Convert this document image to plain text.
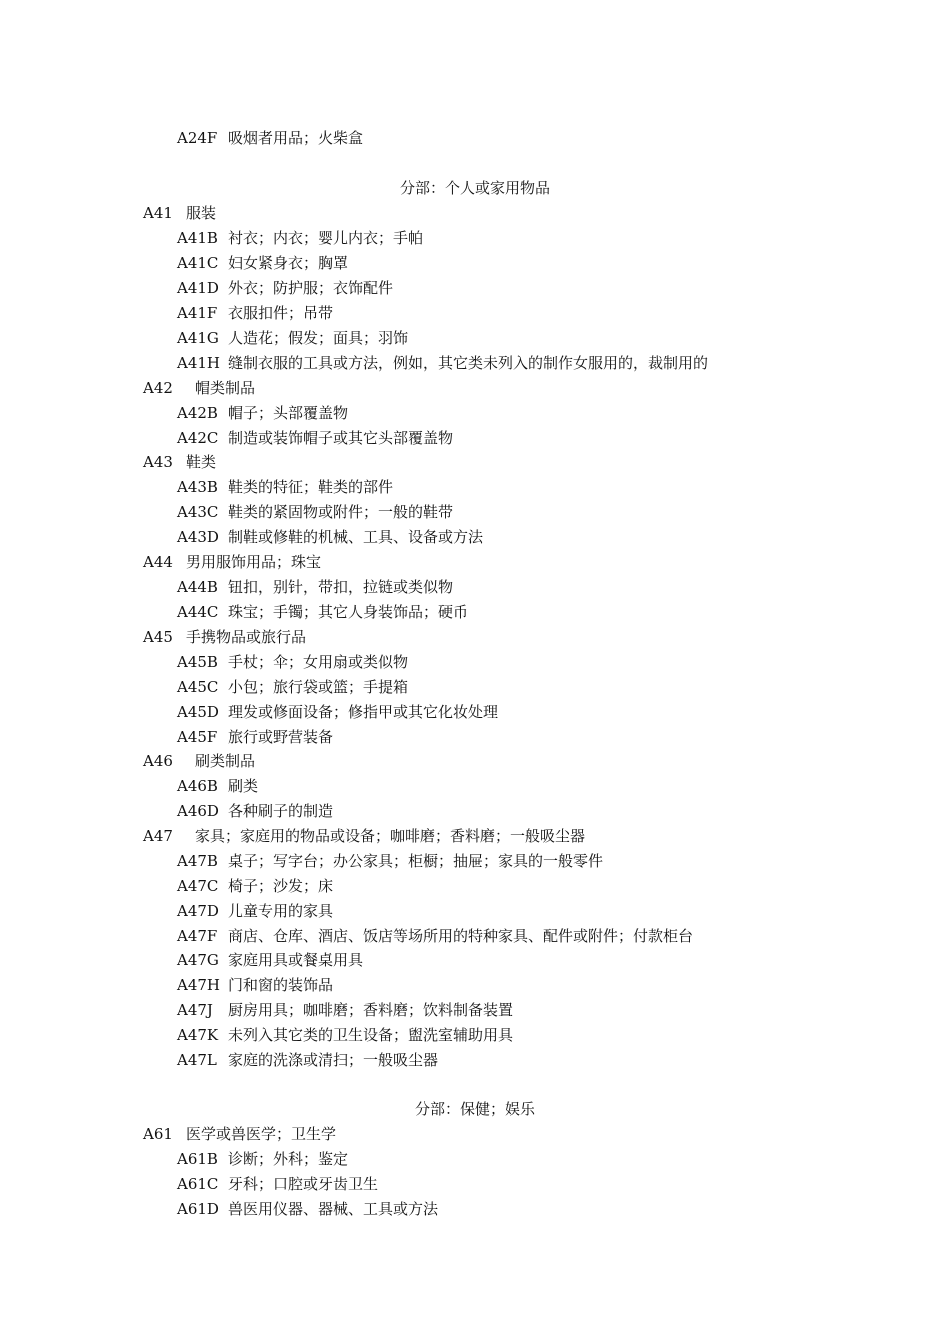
A24F 吸烟者用品；火柴盒
分部：个人或家用物品
A41 服装
A41B 衬衣；内衣；婴儿内衣；手帕
A41C 妇女紧身衣；胸罩
A41D 外衣；防护服；衣饰配件
A41F 衣服扣件；吊带
A41G 人造花；假发；面具；羽饰
A41H 缝制衣服的工具或方法，例如，其它类未列入的制作女服用的，裁制用的
A42 帽类制品
A42B 帽子；头部覆盖物
A42C 制造或装饰帽子或其它头部覆盖物
A43 鞋类
A43B 鞋类的特征；鞋类的部件
A43C 鞋类的紧固物或附件；一般的鞋带
A43D 制鞋或修鞋的机械、工具、设备或方法
A44 男用服饰用品；珠宝
A44B 钮扣，别针，带扣，拉链或类似物
A44C 珠宝；手镯；其它人身装饰品；硬币
A45 手携物品或旅行品
A45B 手杖；伞；女用扇或类似物
A45C 小包；旅行袋或篮；手提箱
A45D 理发或修面设备；修指甲或其它化妆处理
A45F 旅行或野营装备
A46 刷类制品
A46B 刷类
A46D 各种刷子的制造
A47 家具；家庭用的物品或设备；咖啡磨；香料磨；一般吸尘器
A47B 桌子；写字台；办公家具；柜橱；抽屉；家具的一般零件
A47C 椅子；沙发；床
A47D 儿童专用的家具
A47F 商店、仓库、酒店、饭店等场所用的特种家具、配件或附件；付款柜台
A47G 家庭用具或餐桌用具
A47H 门和窗的装饰品
A47J 厨房用具；咖啡磨；香料磨；饮料制备装置
A47K 未列入其它类的卫生设备；盥洗室辅助用具
A47L 家庭的洗涤或清扫；一般吸尘器
分部：保健；娱乐
A61 医学或兽医学；卫生学
A61B 诊断；外科；鉴定
A61C 牙科；口腔或牙齿卫生
A61D 兽医用仪器、器械、工具或方法
